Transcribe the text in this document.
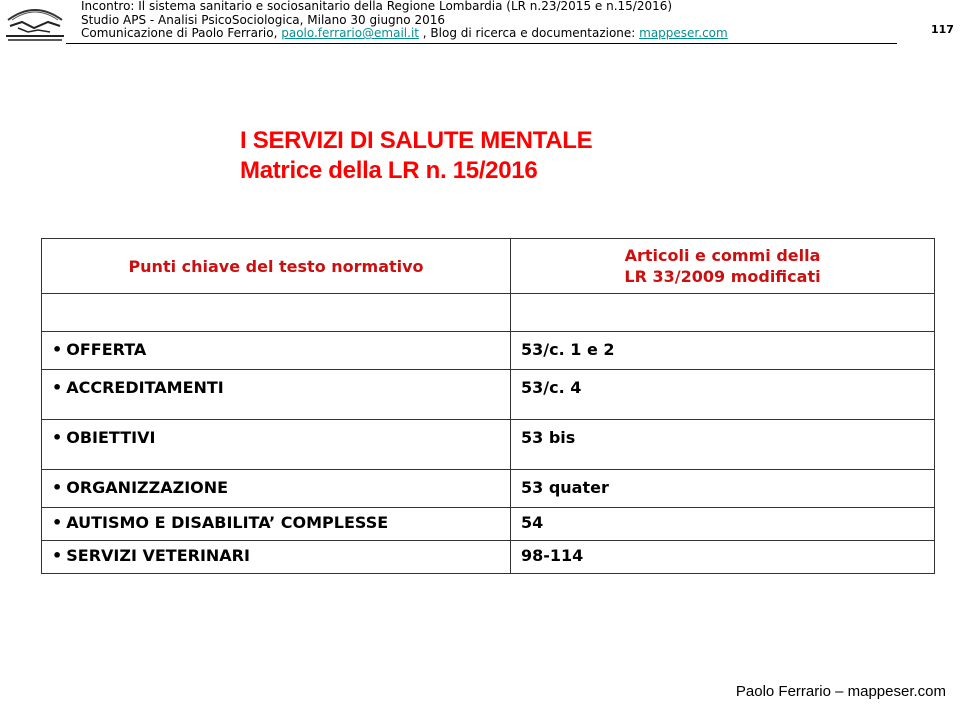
Incontro: Il sistema sanitario e sociosanitario della Regione Lombardia (LR n.23/2015 e n.15/2016)
Studio APS - Analisi PsicoSociologica, Milano 30 giugno 2016
Comunicazione di Paolo Ferrario, paolo.ferrario@email.it , Blog di ricerca e documentazione: mappeser.com	117
I SERVIZI DI SALUTE MENTALE
Matrice della LR n. 15/2016
Punti chiave del testo normativo	Articoli e commi della
LR 33/2009 modificati

• OFFERTA	53/c. 1 e 2
• ACCREDITAMENTI	53/c. 4
• OBIETTIVI	53 bis
• ORGANIZZAZIONE	53 quater
• AUTISMO E DISABILITA’ COMPLESSE	54
• SERVIZI VETERINARI	98-114
Paolo Ferrario – mappeser.com
